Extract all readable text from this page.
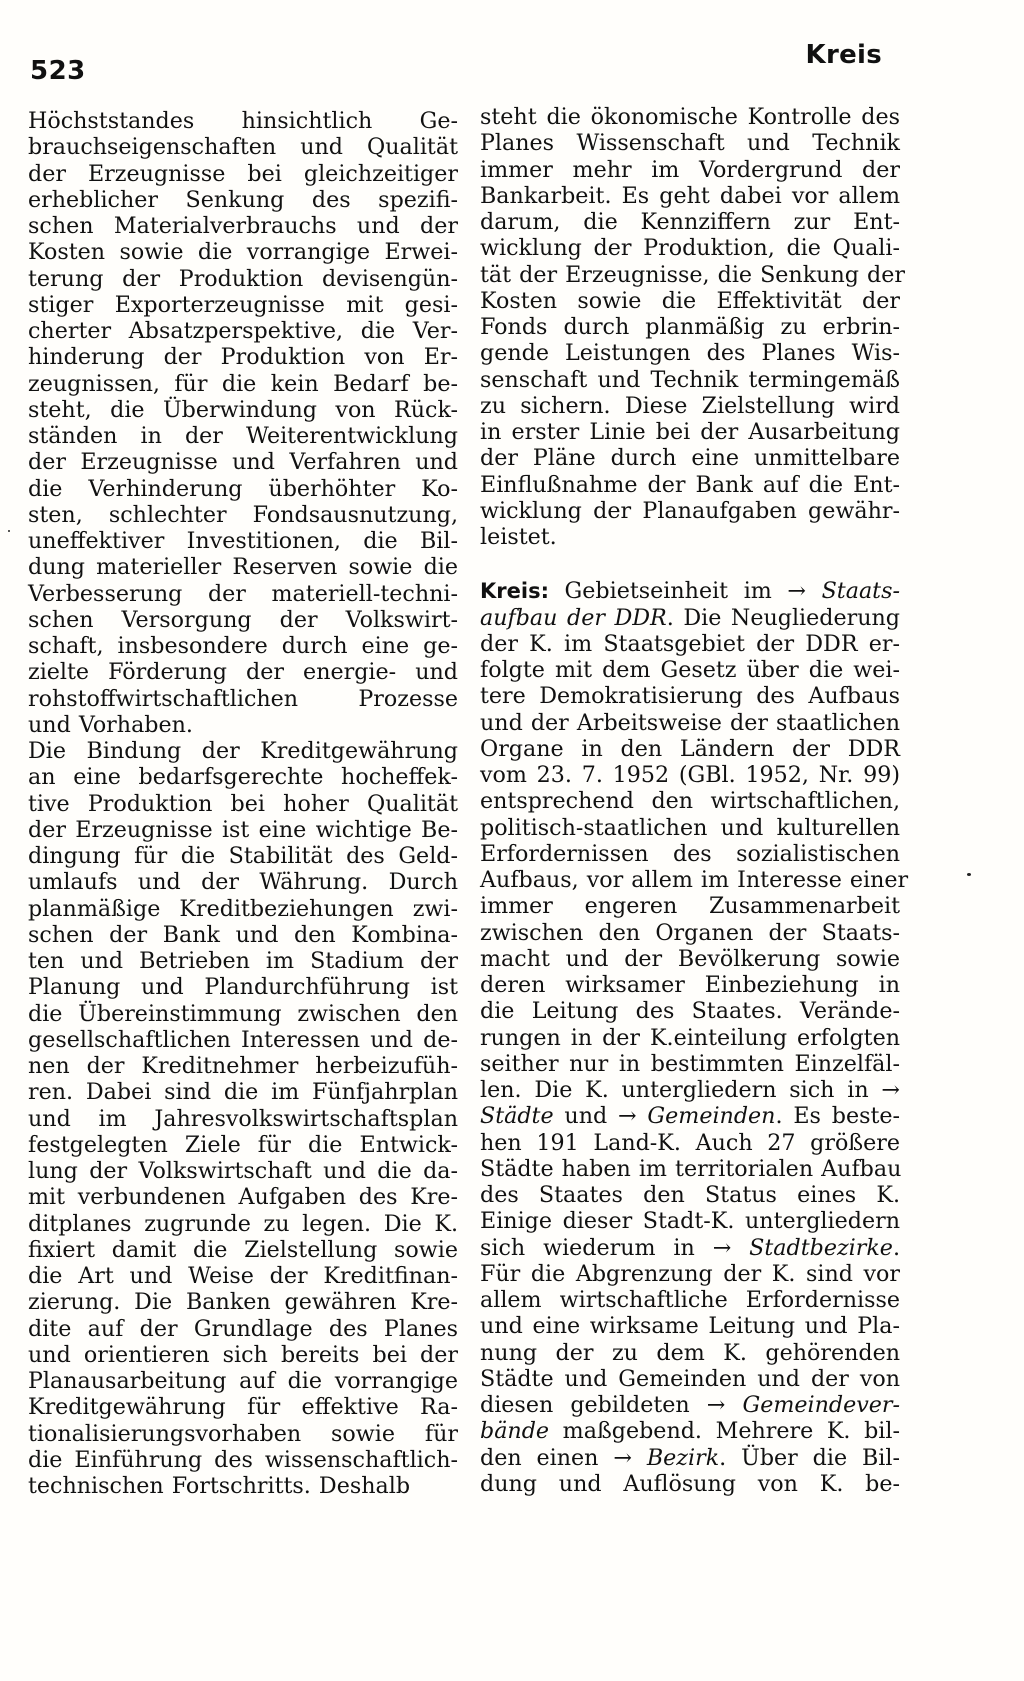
523
Kreis
Höchststandes hinsichtlich Ge-
brauchseigenschaften und Qualität
der Erzeugnisse bei gleichzeitiger
erheblicher Senkung des spezifi-
schen Materialverbrauchs und der
Kosten sowie die vorrangige Erwei-
terung der Produktion devisengün-
stiger Exporterzeugnisse mit gesi-
cherter Absatzperspektive, die Ver-
hinderung der Produktion von Er-
zeugnissen, für die kein Bedarf be-
steht, die Überwindung von Rück-
ständen in der Weiterentwicklung
der Erzeugnisse und Verfahren und
die Verhinderung überhöhter Ko-
sten, schlechter Fondsausnutzung,
uneffektiver Investitionen, die Bil-
dung materieller Reserven sowie die
Verbesserung der materiell-techni-
schen Versorgung der Volkswirt-
schaft, insbesondere durch eine ge-
zielte Förderung der energie- und
rohstoffwirtschaftlichen Prozesse
und Vorhaben.
Die Bindung der Kreditgewährung
an eine bedarfsgerechte hocheffek-
tive Produktion bei hoher Qualität
der Erzeugnisse ist eine wichtige Be-
dingung für die Stabilität des Geld-
umlaufs und der Währung. Durch
planmäßige Kreditbeziehungen zwi-
schen der Bank und den Kombina-
ten und Betrieben im Stadium der
Planung und Plandurchführung ist
die Übereinstimmung zwischen den
gesellschaftlichen Interessen und de-
nen der Kreditnehmer herbeizufüh-
ren. Dabei sind die im Fünfjahrplan
und im Jahresvolkswirtschaftsplan
festgelegten Ziele für die Entwick-
lung der Volkswirtschaft und die da-
mit verbundenen Aufgaben des Kre-
ditplanes zugrunde zu legen. Die K.
fixiert damit die Zielstellung sowie
die Art und Weise der Kreditfinan-
zierung. Die Banken gewähren Kre-
dite auf der Grundlage des Planes
und orientieren sich bereits bei der
Planausarbeitung auf die vorrangige
Kreditgewährung für effektive Ra-
tionalisierungsvorhaben sowie für
die Einführung des wissenschaftlich-
technischen Fortschritts. Deshalb
steht die ökonomische Kontrolle des
Planes Wissenschaft und Technik
immer mehr im Vordergrund der
Bankarbeit. Es geht dabei vor allem
darum, die Kennziffern zur Ent-
wicklung der Produktion, die Quali-
tät der Erzeugnisse, die Senkung der
Kosten sowie die Effektivität der
Fonds durch planmäßig zu erbrin-
gende Leistungen des Planes Wis-
senschaft und Technik termingemäß
zu sichern. Diese Zielstellung wird
in erster Linie bei der Ausarbeitung
der Pläne durch eine unmittelbare
Einflußnahme der Bank auf die Ent-
wicklung der Planaufgaben gewähr-
leistet.
Kreis: Gebietseinheit im → Staats-
aufbau der DDR. Die Neugliederung
der K. im Staatsgebiet der DDR er-
folgte mit dem Gesetz über die wei-
tere Demokratisierung des Aufbaus
und der Arbeitsweise der staatlichen
Organe in den Ländern der DDR
vom 23. 7. 1952 (GBl. 1952, Nr. 99)
entsprechend den wirtschaftlichen,
politisch-staatlichen und kulturellen
Erfordernissen des sozialistischen
Aufbaus, vor allem im Interesse einer
immer engeren Zusammenarbeit
zwischen den Organen der Staats-
macht und der Bevölkerung sowie
deren wirksamer Einbeziehung in
die Leitung des Staates. Verände-
rungen in der K.einteilung erfolgten
seither nur in bestimmten Einzelfäl-
len. Die K. untergliedern sich in →
Städte und → Gemeinden. Es beste-
hen 191 Land-K. Auch 27 größere
Städte haben im territorialen Aufbau
des Staates den Status eines K.
Einige dieser Stadt-K. untergliedern
sich wiederum in → Stadtbezirke.
Für die Abgrenzung der K. sind vor
allem wirtschaftliche Erfordernisse
und eine wirksame Leitung und Pla-
nung der zu dem K. gehörenden
Städte und Gemeinden und der von
diesen gebildeten → Gemeindever-
bände maßgebend. Mehrere K. bil-
den einen → Bezirk. Über die Bil-
dung und Auflösung von K. be-
